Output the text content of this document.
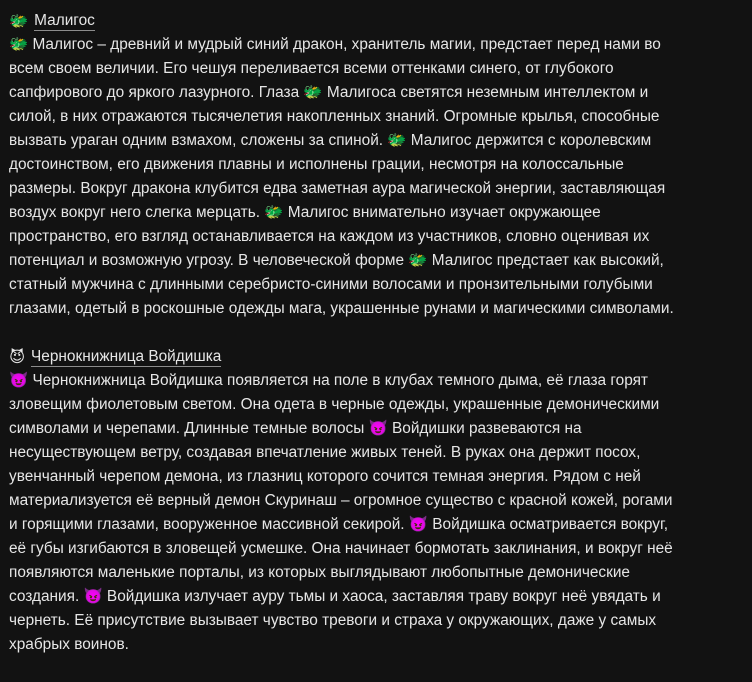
🐲 Малигос
🐲 Малигос – древний и мудрый синий дракон, хранитель магии, предстает перед нами во
всем своем величии. Его чешуя переливается всеми оттенками синего, от глубокого
сапфирового до яркого лазурного. Глаза 🐲 Малигоса светятся неземным интеллектом и
силой, в них отражаются тысячелетия накопленных знаний. Огромные крылья, способные
вызвать ураган одним взмахом, сложены за спиной. 🐲 Малигос держится с королевским
достоинством, его движения плавны и исполнены грации, несмотря на колоссальные
размеры. Вокруг дракона клубится едва заметная аура магической энергии, заставляющая
воздух вокруг него слегка мерцать. 🐲 Малигос внимательно изучает окружающее
пространство, его взгляд останавливается на каждом из участников, словно оценивая их
потенциал и возможную угрозу. В человеческой форме 🐲 Малигос предстает как высокий,
статный мужчина с длинными серебристо-синими волосами и пронзительными голубыми
глазами, одетый в роскошные одежды мага, украшенные рунами и магическими символами.
😈 Чернокнижница Войдишка
😈 Чернокнижница Войдишка появляется на поле в клубах темного дыма, её глаза горят
зловещим фиолетовым светом. Она одета в черные одежды, украшенные демоническими
символами и черепами. Длинные темные волосы 😈 Войдишки развеваются на
несуществующем ветру, создавая впечатление живых теней. В руках она держит посох,
увенчанный черепом демона, из глазниц которого сочится темная энергия. Рядом с ней
материализуется её верный демон Скуринаш – огромное существо с красной кожей, рогами
и горящими глазами, вооруженное массивной секирой. 😈 Войдишка осматривается вокруг,
её губы изгибаются в зловещей усмешке. Она начинает бормотать заклинания, и вокруг неё
появляются маленькие порталы, из которых выглядывают любопытные демонические
создания. 😈 Войдишка излучает ауру тьмы и хаоса, заставляя траву вокруг неё увядать и
чернеть. Её присутствие вызывает чувство тревоги и страха у окружающих, даже у самых
храбрых воинов.
